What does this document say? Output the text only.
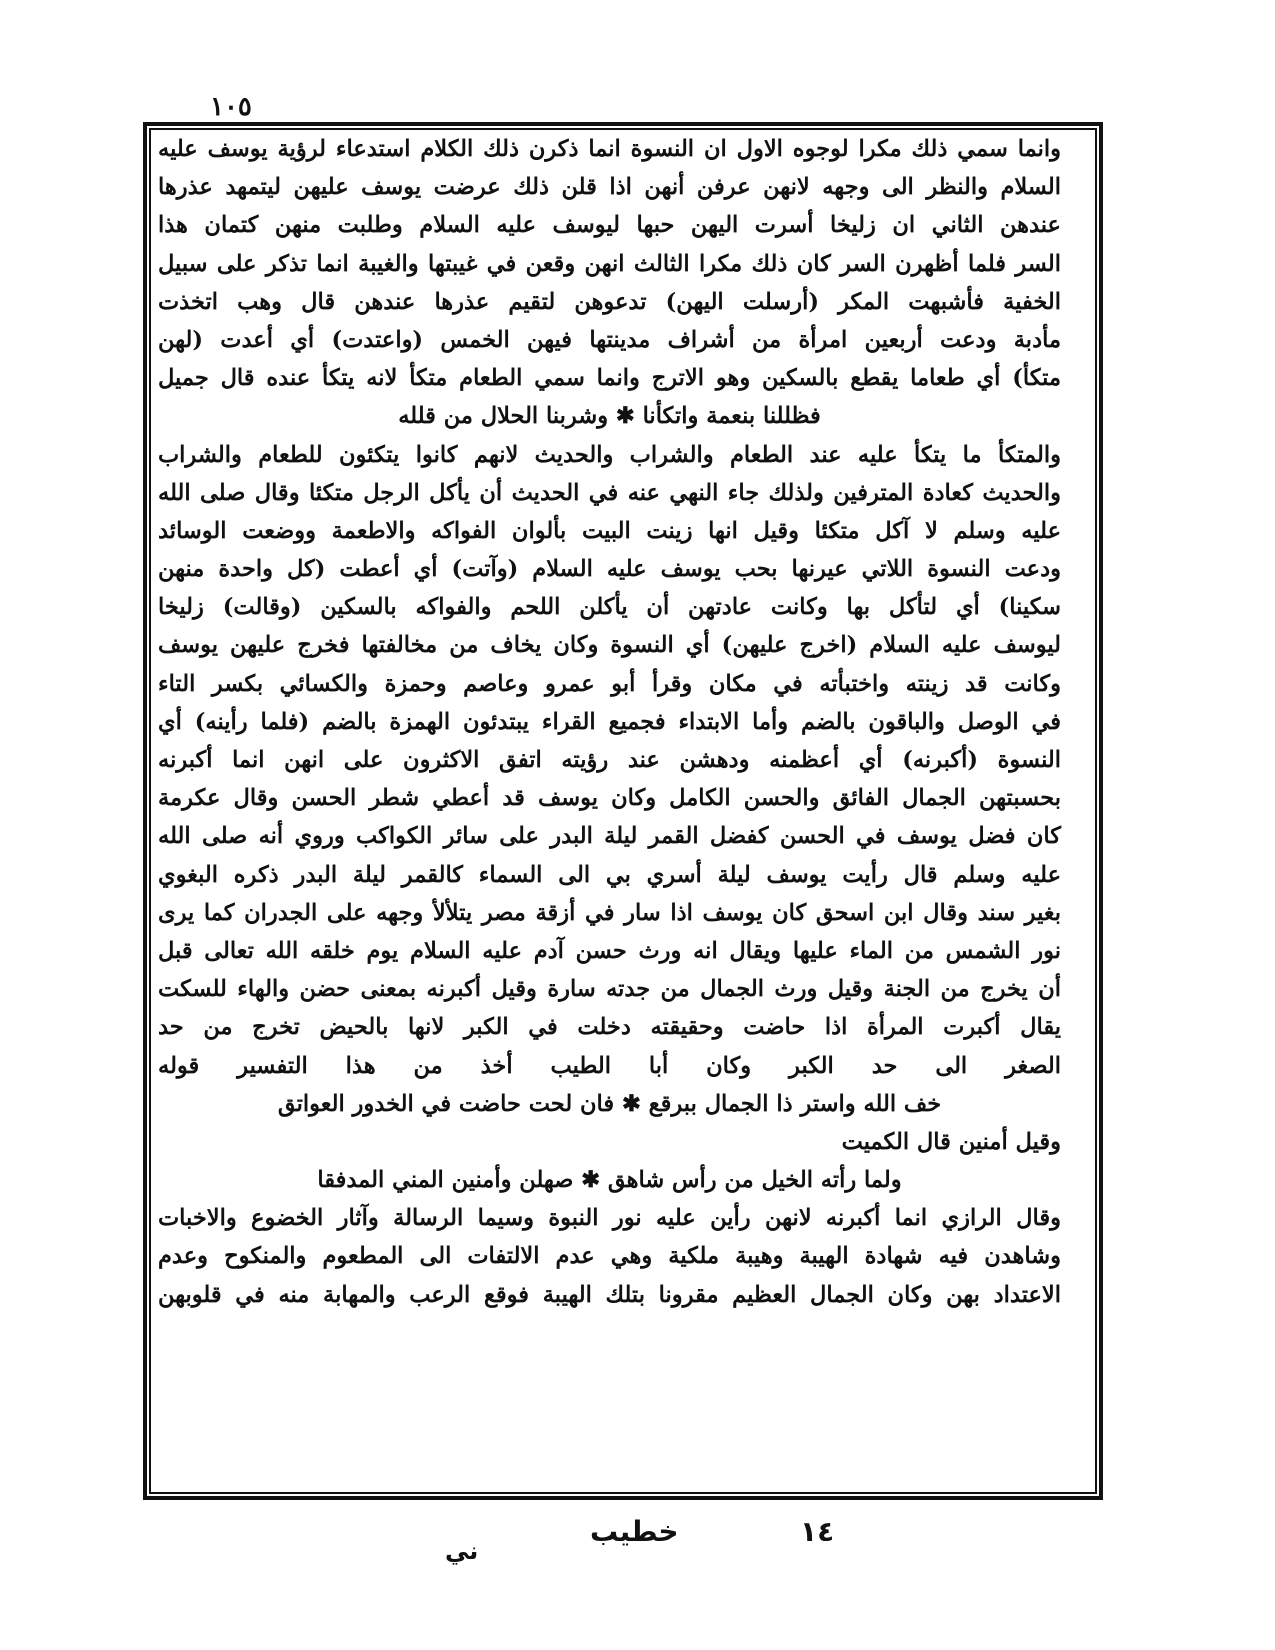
١٠٥
وانما سمي ذلك مكرا لوجوه الاول ان النسوة انما ذكرن ذلك الكلام استدعاء لرؤية يوسف عليه
السلام والنظر الى وجهه لانهن عرفن أنهن اذا قلن ذلك عرضت يوسف عليهن ليتمهد عذرها
عندهن الثاني ان زليخا أسرت اليهن حبها ليوسف عليه السلام وطلبت منهن كتمان هذا
السر فلما أظهرن السر كان ذلك مكرا الثالث انهن وقعن في غيبتها والغيبة انما تذكر على سبيل
الخفية فأشبهت المكر (أرسلت اليهن) تدعوهن لتقيم عذرها عندهن قال وهب اتخذت
مأدبة ودعت أربعين امرأة من أشراف مدينتها فيهن الخمس (واعتدت) أي أعدت (لهن
متكأ) أي طعاما يقطع بالسكين وهو الاترج وانما سمي الطعام متكأ لانه يتكأ عنده قال جميل
فظللنا بنعمة واتكأنا ✱ وشربنا الحلال من قلله
والمتكأ ما يتكأ عليه عند الطعام والشراب والحديث لانهم كانوا يتكئون للطعام والشراب
والحديث كعادة المترفين ولذلك جاء النهي عنه في الحديث أن يأكل الرجل متكئا وقال صلى الله
عليه وسلم لا آكل متكئا وقيل انها زينت البيت بألوان الفواكه والاطعمة ووضعت الوسائد
ودعت النسوة اللاتي عيرنها بحب يوسف عليه السلام (وآتت) أي أعطت (كل واحدة منهن
سكينا) أي لتأكل بها وكانت عادتهن أن يأكلن اللحم والفواكه بالسكين (وقالت) زليخا
ليوسف عليه السلام (اخرج عليهن) أي النسوة وكان يخاف من مخالفتها فخرج عليهن يوسف
وكانت قد زينته واختبأته في مكان وقرأ أبو عمرو وعاصم وحمزة والكسائي بكسر التاء
في الوصل والباقون بالضم وأما الابتداء فجميع القراء يبتدئون الهمزة بالضم (فلما رأينه) أي
النسوة (أكبرنه) أي أعظمنه ودهشن عند رؤيته اتفق الاكثرون على انهن انما أكبرنه
بحسبتهن الجمال الفائق والحسن الكامل وكان يوسف قد أعطي شطر الحسن وقال عكرمة
كان فضل يوسف في الحسن كفضل القمر ليلة البدر على سائر الكواكب وروي أنه صلى الله
عليه وسلم قال رأيت يوسف ليلة أسري بي الى السماء كالقمر ليلة البدر ذكره البغوي
بغير سند وقال ابن اسحق كان يوسف اذا سار في أزقة مصر يتلألأ وجهه على الجدران كما يرى
نور الشمس من الماء عليها ويقال انه ورث حسن آدم عليه السلام يوم خلقه الله تعالى قبل
أن يخرج من الجنة وقيل ورث الجمال من جدته سارة وقيل أكبرنه بمعنى حضن والهاء للسكت
يقال أكبرت المرأة اذا حاضت وحقيقته دخلت في الكبر لانها بالحيض تخرج من حد
الصغر الى حد الكبر وكان أبا الطيب أخذ من هذا التفسير قوله
خف الله واستر ذا الجمال ببرقع ✱ فان لحت حاضت في الخدور العواتق
وقيل أمنين قال الكميت
ولما رأته الخيل من رأس شاهق ✱ صهلن وأمنين المني المدفقا
وقال الرازي انما أكبرنه لانهن رأين عليه نور النبوة وسيما الرسالة وآثار الخضوع والاخبات
وشاهدن فيه شهادة الهيبة وهيبة ملكية وهي عدم الالتفات الى المطعوم والمنكوح وعدم
الاعتداد بهن وكان الجمال العظيم مقرونا بتلك الهيبة فوقع الرعب والمهابة منه في قلوبهن
١٤
خطيب
ني
